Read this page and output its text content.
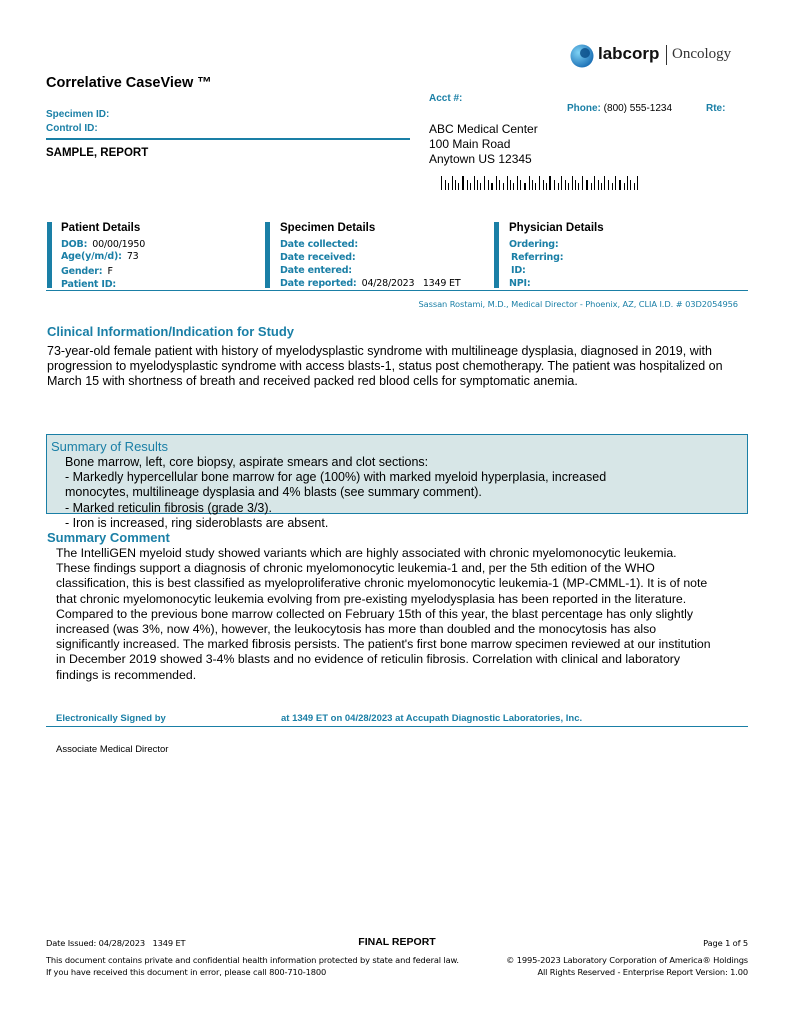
labcorp Oncology
Correlative CaseView ™
Specimen ID:
Control ID:
SAMPLE, REPORT
Acct #:
Phone: (800) 555-1234	Rte:
ABC Medical Center
100 Main Road
Anytown US 12345
Patient Details
DOB: 00/00/1950
Age(y/m/d): 73
Gender: F
Patient ID:
Specimen Details
Date collected:
Date received:
Date entered:
Date reported: 04/28/2023   1349 ET
Physician Details
Ordering:
Referring:
ID:
NPI:
Sassan Rostami, M.D., Medical Director - Phoenix, AZ, CLIA I.D. # 03D2054956
Clinical Information/Indication for Study
73-year-old female patient with history of myelodysplastic syndrome with multilineage dysplasia, diagnosed in 2019, with
progression to myelodysplastic syndrome with access blasts-1, status post chemotherapy. The patient was hospitalized on
March 15 with shortness of breath and received packed red blood cells for symptomatic anemia.
Summary of Results
Bone marrow, left, core biopsy, aspirate smears and clot sections:
- Markedly hypercellular bone marrow for age (100%) with marked myeloid hyperplasia, increased
monocytes, multilineage dysplasia and 4% blasts (see summary comment).
- Marked reticulin fibrosis (grade 3/3).
- Iron is increased, ring sideroblasts are absent.
Summary Comment
The IntelliGEN myeloid study showed variants which are highly associated with chronic myelomonocytic leukemia.
These findings support a diagnosis of chronic myelomonocytic leukemia-1 and, per the 5th edition of the WHO
classification, this is best classified as myeloproliferative chronic myelomonocytic leukemia-1 (MP-CMML-1). It is of note
that chronic myelomonocytic leukemia evolving from pre-existing myelodysplasia has been reported in the literature.
Compared to the previous bone marrow collected on February 15th of this year, the blast percentage has only slightly
increased (was 3%, now 4%), however, the leukocytosis has more than doubled and the monocytosis has also
significantly increased. The marked fibrosis persists. The patient's first bone marrow specimen reviewed at our institution
in December 2019 showed 3-4% blasts and no evidence of reticulin fibrosis. Correlation with clinical and laboratory
findings is recommended.
Electronically Signed by	at 1349 ET on 04/28/2023 at Accupath Diagnostic Laboratories, Inc.
Associate Medical Director
Date Issued: 04/28/2023   1349 ET	FINAL REPORT	Page 1 of 5
This document contains private and confidential health information protected by state and federal law.
If you have received this document in error, please call 800-710-1800
© 1995-2023 Laboratory Corporation of America® Holdings
All Rights Reserved - Enterprise Report Version: 1.00
